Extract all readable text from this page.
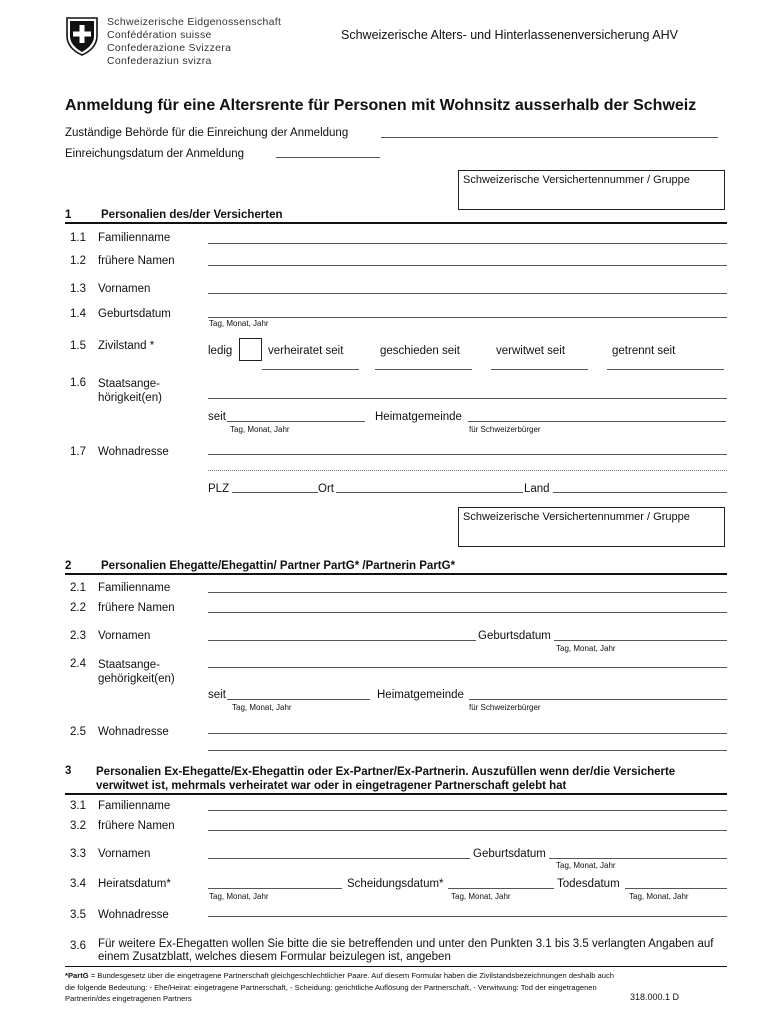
Schweizerische Eidgenossenschaft
Confédération suisse
Confederazione Svizzera
Confederaziun svizra
Schweizerische Alters- und Hinterlassenenversicherung AHV
Anmeldung für eine Altersrente für Personen mit Wohnsitz ausserhalb der Schweiz
Zuständige Behörde für die Einreichung der Anmeldung
Einreichungsdatum der Anmeldung
Schweizerische Versichertennummer / Gruppe
1	Personalien des/der Versicherten
1.1 Familienname
1.2 frühere Namen
1.3 Vornamen
1.4 Geburtsdatum
Tag, Monat, Jahr
1.5 Zivilstand *	ledig	verheiratet seit	geschieden seit	verwitwet seit	getrennt seit
1.6 Staatsange-
hörigkeit(en)
seit
Tag, Monat, Jahr
Heimatgemeinde
für Schweizerbürger
1.7 Wohnadresse
PLZ	Ort	Land
Schweizerische Versichertennummer / Gruppe
2	Personalien Ehegatte/Ehegattin/ Partner PartG* /Partnerin PartG*
2.1 Familienname
2.2 frühere Namen
2.3 Vornamen	Geburtsdatum
Tag, Monat, Jahr
2.4 Staatsange-
gehörigkeit(en)
seit
Tag, Monat, Jahr
Heimatgemeinde
für Schweizerbürger
2.5 Wohnadresse
3 Personalien Ex-Ehegatte/Ex-Ehegattin oder Ex-Partner/Ex-Partnerin. Auszufüllen wenn der/die Versicherte
verwitwet ist, mehrmals verheiratet war oder in eingetragener Partnerschaft gelebt hat
3.1 Familienname
3.2 frühere Namen
3.3 Vornamen	Geburtsdatum
Tag, Monat, Jahr
3.4 Heiratsdatum*
Tag, Monat, Jahr
Scheidungsdatum*
Tag, Monat, Jahr
Todesdatum
Tag, Monat, Jahr
3.5 Wohnadresse
3.6 Für weitere Ex-Ehegatten wollen Sie bitte die sie betreffenden und unter den Punkten 3.1 bis 3.5 verlangten Angaben auf
einem Zusatzblatt, welches diesem Formular beizulegen ist, angeben
*PartG = Bundesgesetz über die eingetragene Partnerschaft gleichgeschlechtlicher Paare. Auf diesem Formular haben die Zivilstandsbezeichnungen deshalb auch
die folgende Bedeutung: - Ehe/Heirat: eingetragene Partnerschaft, - Scheidung: gerichtliche Auflösung der Partnerschaft, - Verwitwung: Tod der eingetragenen
Partnerin/des eingetragenen Partners	318.000.1 D
